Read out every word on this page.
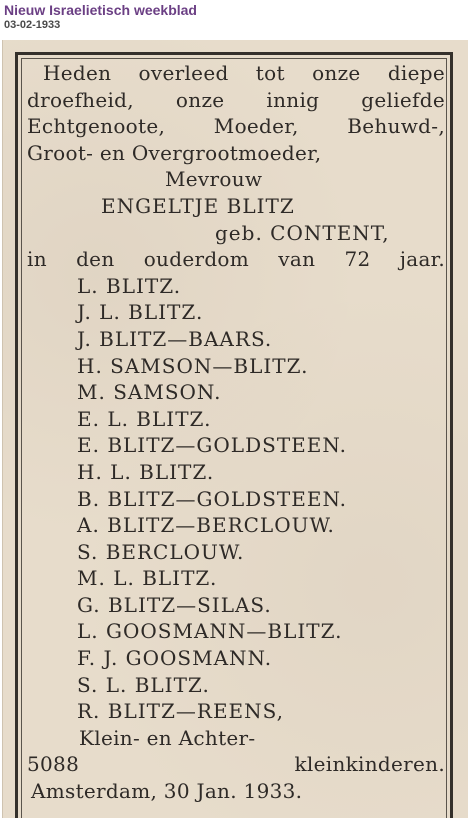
Nieuw Israelietisch weekblad
03-02-1933
Heden overleed tot onze diepe
droefheid, onze innig geliefde
Echtgenoote, Moeder, Behuwd-,
Groot- en Overgrootmoeder,
Mevrouw
ENGELTJE BLITZ
geb. CONTENT,
in den ouderdom van 72 jaar.
L. BLITZ.
J. L. BLITZ.
J. BLITZ—BAARS.
H. SAMSON—BLITZ.
M. SAMSON.
E. L. BLITZ.
E. BLITZ—GOLDSTEEN.
H. L. BLITZ.
B. BLITZ—GOLDSTEEN.
A. BLITZ—BERCLOUW.
S. BERCLOUW.
M. L. BLITZ.
G. BLITZ—SILAS.
L. GOOSMANN—BLITZ.
F. J. GOOSMANN.
S. L. BLITZ.
R. BLITZ—REENS,
Klein- en Achter-
5088	kleinkinderen.
Amsterdam, 30 Jan. 1933.
